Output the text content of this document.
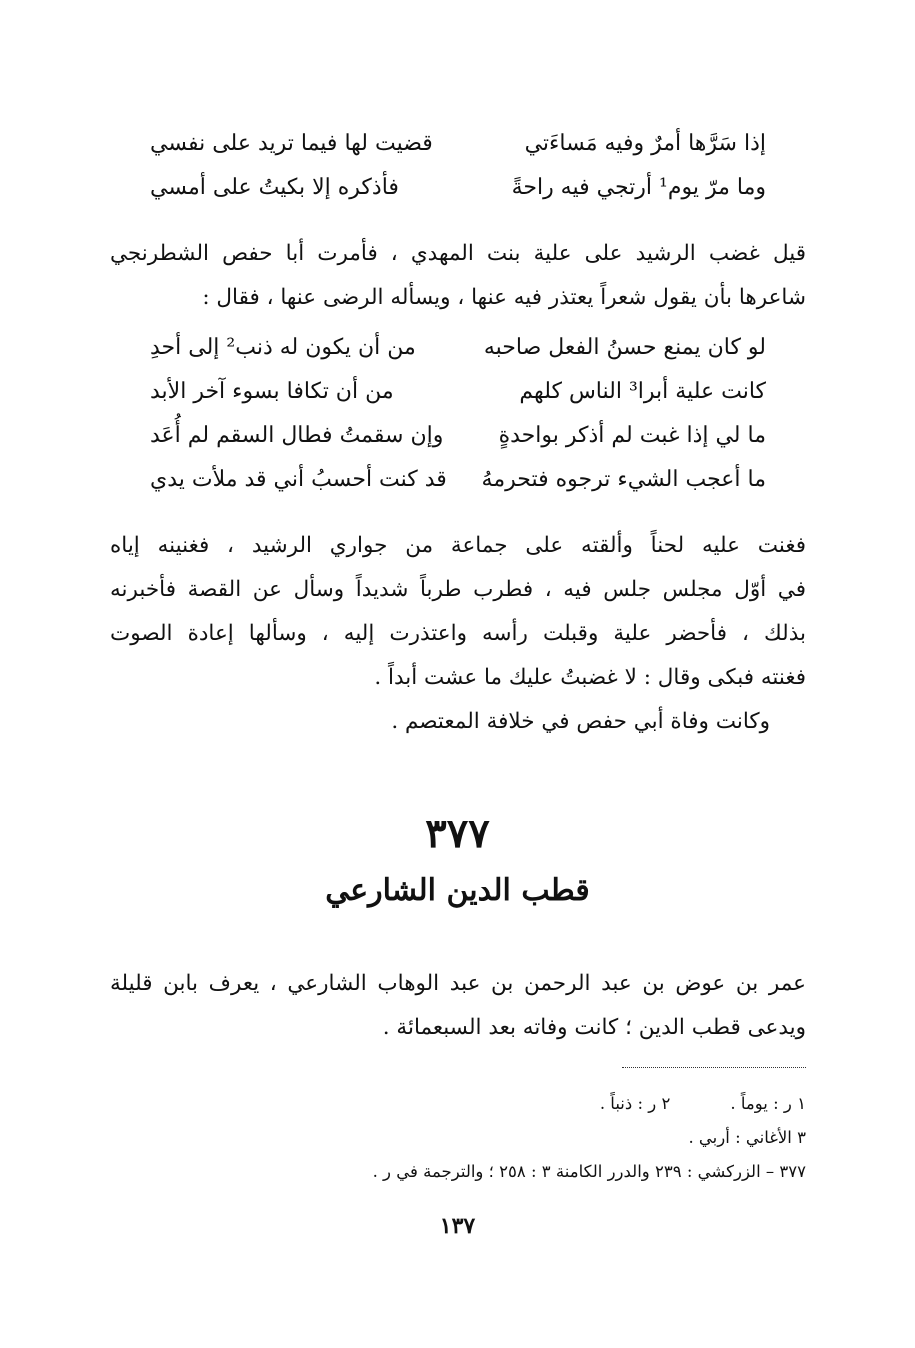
إذا سَرَّها أمرٌ وفيه مَساءَتي
قضيت لها فيما تريد على نفسي
وما مرّ يوم¹ أرتجي فيه راحةً
فأذكره إلا بكيتُ على أمسي
قيل غضب الرشيد على علية بنت المهدي ، فأمرت أبا حفص الشطرنجي
شاعرها بأن يقول شعراً يعتذر فيه عنها ، ويسأله الرضى عنها ، فقال :
لو كان يمنع حسنُ الفعل صاحبه
من أن يكون له ذنب² إلى أحدِ
كانت علية أبرا³ الناس كلهم
من أن تكافا بسوء آخر الأبد
ما لي إذا غبت لم أذكر بواحدةٍ
وإن سقمتُ فطال السقم لم أُعَد
ما أعجب الشيء ترجوه فتحرمهُ
قد كنت أحسبُ أني قد ملأت يدي
فغنت عليه لحناً وألقته على جماعة من جواري الرشيد ، فغنينه إياه
في أوّل مجلس جلس فيه ، فطرب طرباً شديداً وسأل عن القصة فأخبرنه
بذلك ، فأحضر علية وقبلت رأسه واعتذرت إليه ، وسألها إعادة الصوت
فغنته فبكى وقال : لا غضبتُ عليك ما عشت أبداً .
وكانت وفاة أبي حفص في خلافة المعتصم .
٣٧٧
قطب الدين الشارعي
عمر بن عوض بن عبد الرحمن بن عبد الوهاب الشارعي ، يعرف بابن قليلة
ويدعى قطب الدين ؛ كانت وفاته بعد السبعمائة .
١ ر : يوماً .
٢ ر : ذنباً .
٣ الأغاني : أربي .
٣٧٧ – الزركشي : ٢٣٩ والدرر الكامنة ٣ : ٢٥٨ ؛ والترجمة في ر .
١٣٧
